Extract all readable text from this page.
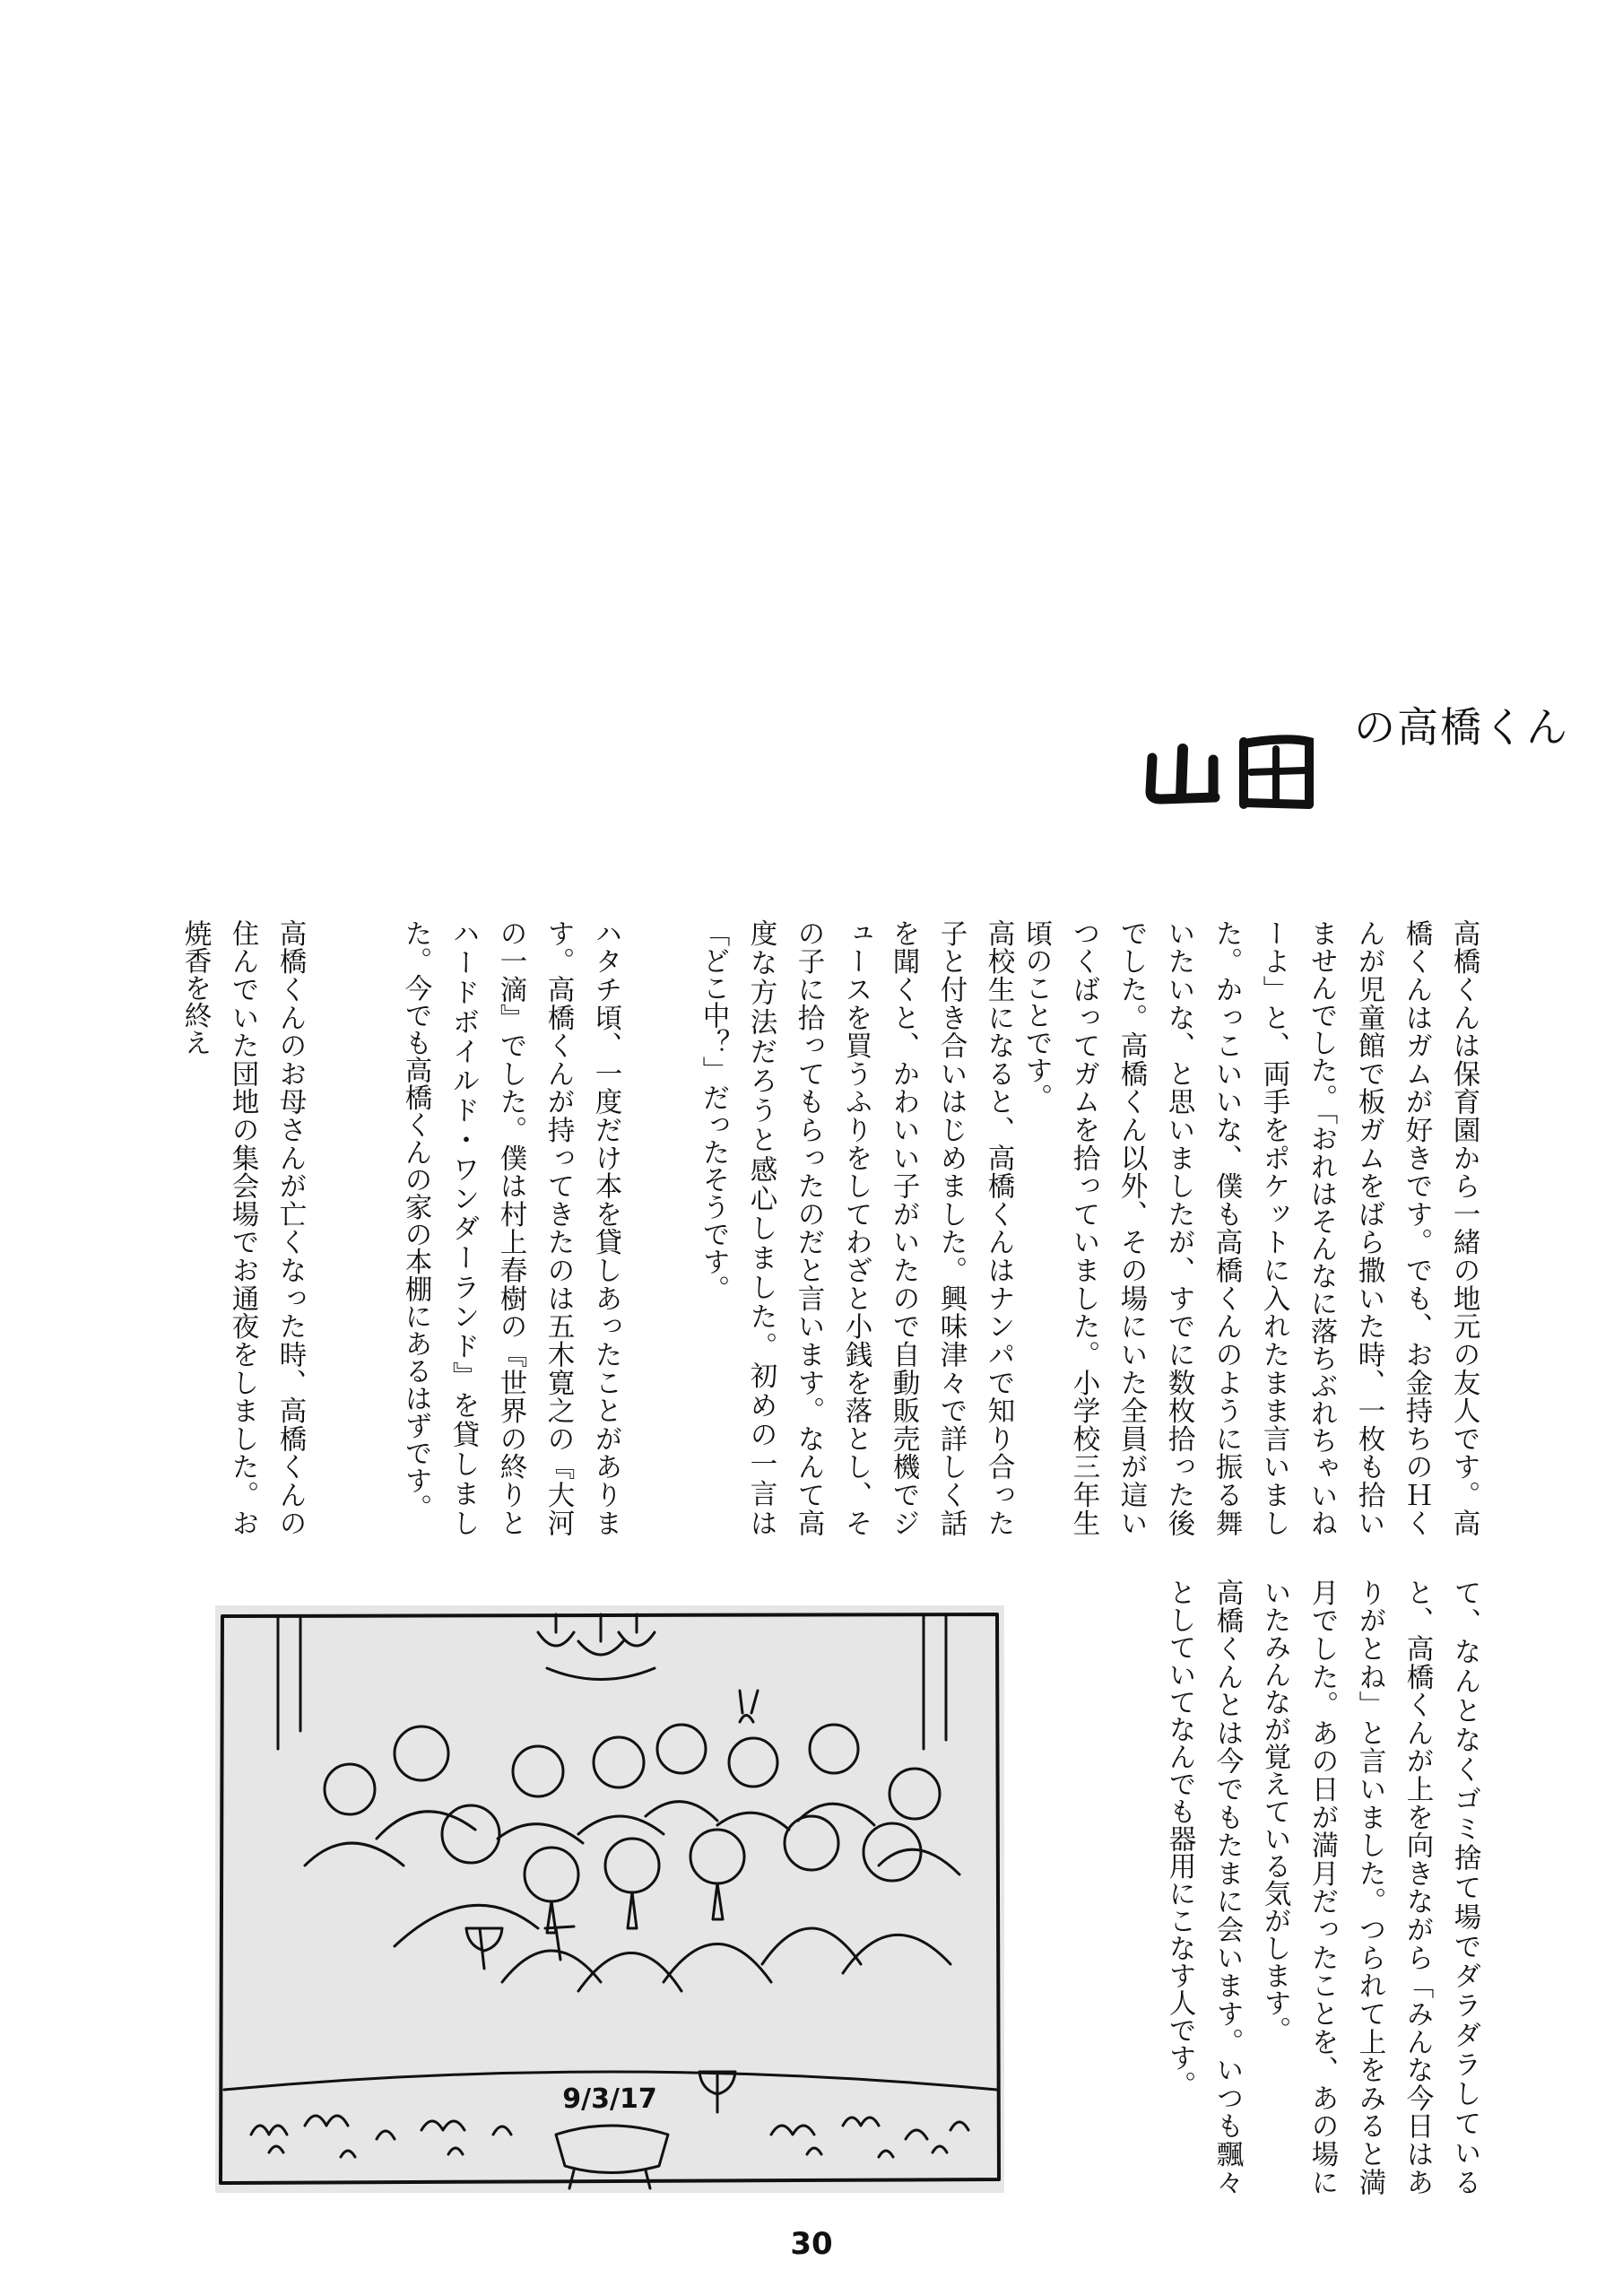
の高橋くん
高橋くんは保育園から一緒の地元の友人です。高橋くんはガムが好きです。でも、お金持ちのＨくんが児童館で板ガムをばら撒いた時、一枚も拾いませんでした。「おれはそんなに落ちぶれちゃいねーよ」と、両手をポケットに入れたまま言いました。かっこいいな、僕も高橋くんのように振る舞いたいな、と思いましたが、すでに数枚拾った後でした。高橋くん以外、その場にいた全員が這いつくばってガムを拾っていました。小学校三年生頃のことです。
高校生になると、高橋くんはナンパで知り合った子と付き合いはじめました。興味津々で詳しく話を聞くと、かわいい子がいたので自動販売機でジュースを買うふりをしてわざと小銭を落とし、その子に拾ってもらったのだと言います。なんて高度な方法だろうと感心しました。初めの一言は「どこ中？」だったそうです。
ハタチ頃、一度だけ本を貸しあったことがあります。高橋くんが持ってきたのは五木寛之の『大河の一滴』でした。僕は村上春樹の『世界の終りとハードボイルド・ワンダーランド』を貸しました。今でも高橋くんの家の本棚にあるはずです。
高橋くんのお母さんが亡くなった時、高橋くんの住んでいた団地の集会場でお通夜をしました。お焼香を終え
て、なんとなくゴミ捨て場でダラダラしていると、高橋くんが上を向きながら「みんな今日はありがとね」と言いました。つられて上をみると満月でした。あの日が満月だったことを、あの場にいたみんなが覚えている気がします。
高橋くんとは今でもたまに会います。いつも飄々としていてなんでも器用にこなす人です。
9/3/17
30
